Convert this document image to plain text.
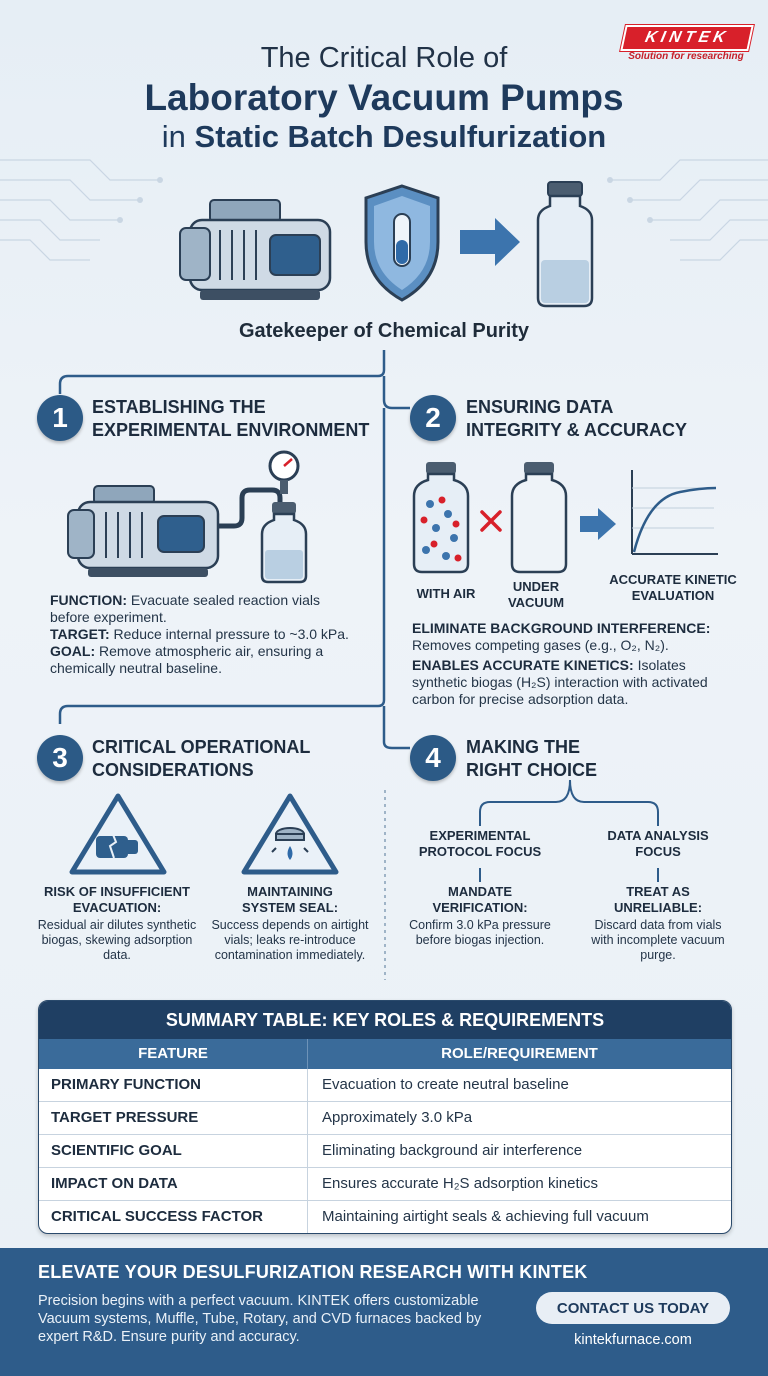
KINTEK
Solution for researching
The Critical Role of
Laboratory Vacuum Pumps
in Static Batch Desulfurization
Gatekeeper of Chemical Purity
1	ESTABLISHING THE
EXPERIMENTAL ENVIRONMENT
FUNCTION: Evacuate sealed reaction vials before experiment.
TARGET: Reduce internal pressure to ~3.0 kPa.
GOAL: Remove atmospheric air, ensuring a chemically neutral baseline.
2	ENSURING DATA
INTEGRITY & ACCURACY
WITH AIR	UNDER
VACUUM
ACCURATE KINETIC
EVALUATION
ELIMINATE BACKGROUND INTERFERENCE: Removes competing gases (e.g., O₂, N₂).
ENABLES ACCURATE KINETICS: Isolates synthetic biogas (H₂S) interaction with activated carbon for precise adsorption data.
3	CRITICAL OPERATIONAL
CONSIDERATIONS
RISK OF INSUFFICIENT
EVACUATION:
Residual air dilutes synthetic biogas, skewing adsorption data.
MAINTAINING
SYSTEM SEAL:
Success depends on airtight vials; leaks re-introduce contamination immediately.
4	MAKING THE
RIGHT CHOICE
EXPERIMENTAL
PROTOCOL FOCUS
DATA ANALYSIS
FOCUS
MANDATE
VERIFICATION:
Confirm 3.0 kPa pressure before biogas injection.
TREAT AS
UNRELIABLE:
Discard data from vials with incomplete vacuum purge.
SUMMARY TABLE: KEY ROLES & REQUIREMENTS
FEATURE	ROLE/REQUIREMENT
PRIMARY FUNCTION	Evacuation to create neutral baseline
TARGET PRESSURE	Approximately 3.0 kPa
SCIENTIFIC GOAL	Eliminating background air interference
IMPACT ON DATA	Ensures accurate H₂S adsorption kinetics
CRITICAL SUCCESS FACTOR	Maintaining airtight seals & achieving full vacuum
ELEVATE YOUR DESULFURIZATION RESEARCH WITH KINTEK
Precision begins with a perfect vacuum. KINTEK offers customizable Vacuum systems, Muffle, Tube, Rotary, and CVD furnaces backed by expert R&D. Ensure purity and accuracy.
CONTACT US TODAY
kintekfurnace.com
